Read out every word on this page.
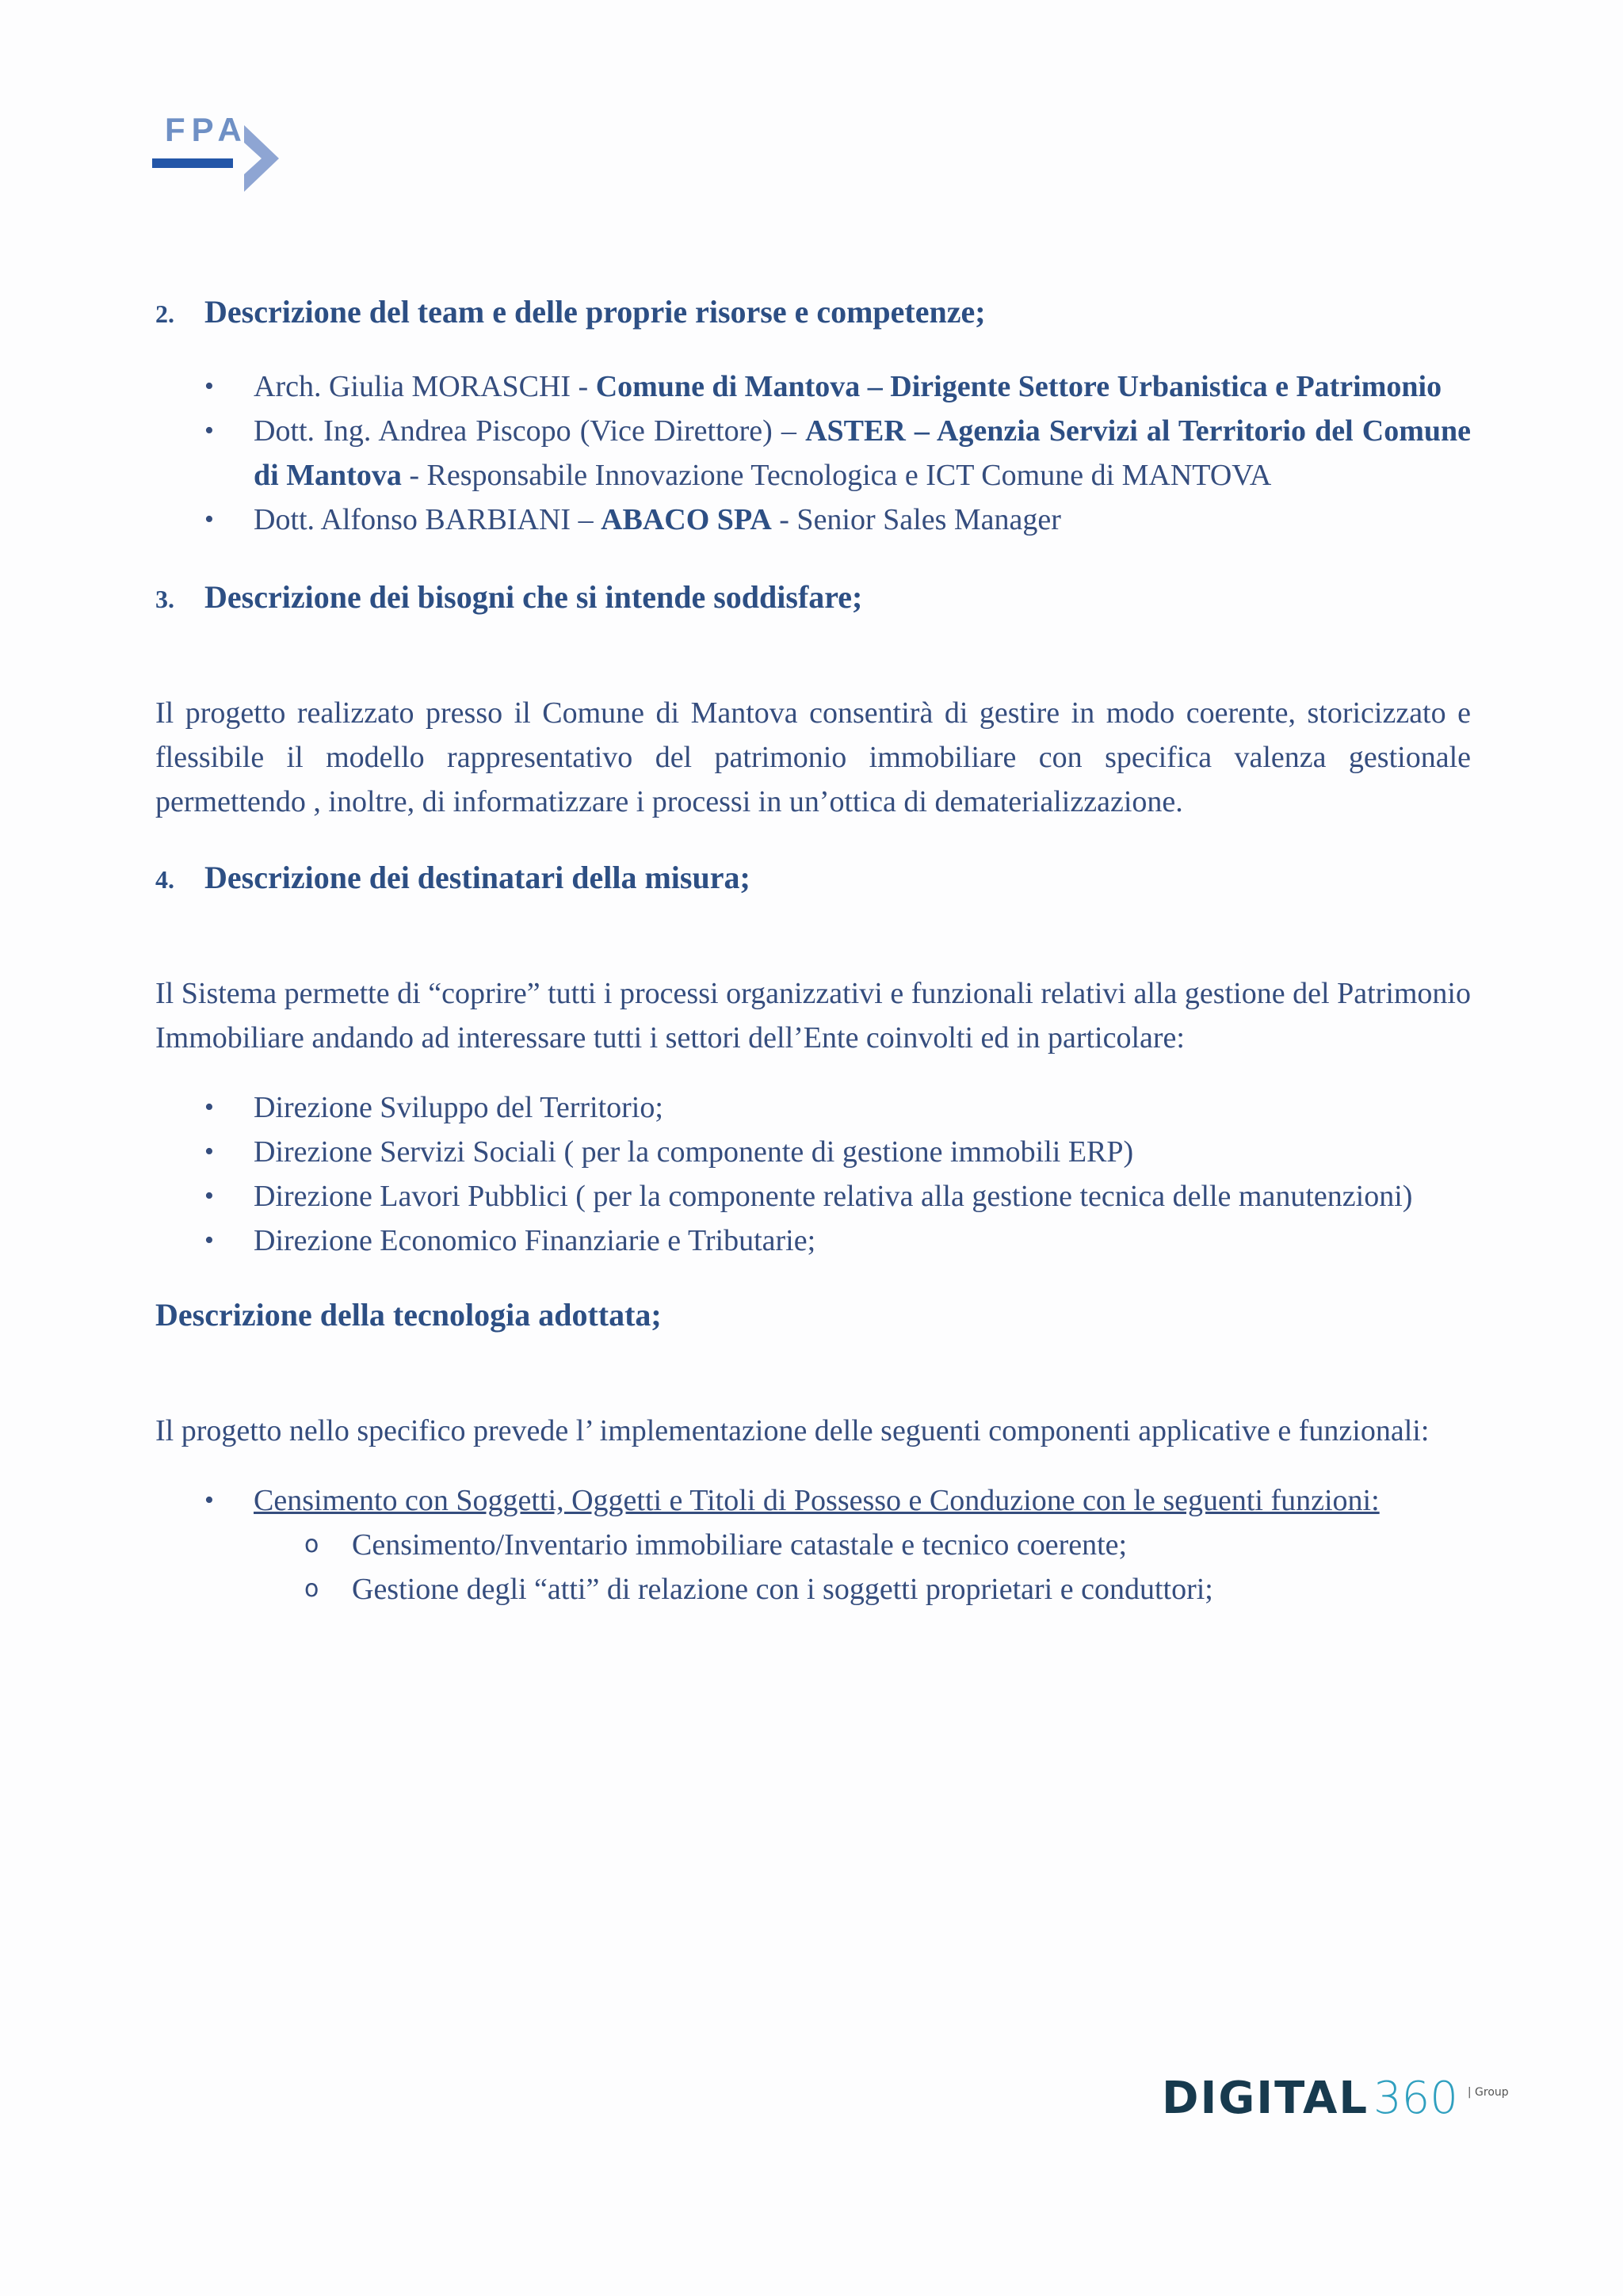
FPA
2. Descrizione del team e delle proprie risorse e competenze;
• Arch. Giulia MORASCHI - Comune di Mantova – Dirigente Settore Urbanistica e Patrimonio
• Dott. Ing. Andrea Piscopo (Vice Direttore) – ASTER – Agenzia Servizi al Territorio del Comune di Mantova - Responsabile Innovazione Tecnologica e ICT Comune di MANTOVA
• Dott. Alfonso BARBIANI – ABACO SPA - Senior Sales Manager
3. Descrizione dei bisogni che si intende soddisfare;

Il progetto realizzato presso il Comune di Mantova consentirà di gestire in modo coerente, storicizzato e flessibile il modello rappresentativo del patrimonio immobiliare con specifica valenza gestionale permettendo , inoltre, di informatizzare i processi in un’ottica di dematerializzazione.

4. Descrizione dei destinatari della misura;

Il Sistema permette di “coprire” tutti i processi organizzativi e funzionali relativi alla gestione del Patrimonio Immobiliare andando ad interessare tutti i settori dell’Ente coinvolti ed in particolare:

• Direzione Sviluppo del Territorio;
• Direzione Servizi Sociali ( per la componente di gestione immobili ERP)
• Direzione Lavori Pubblici ( per la componente relativa alla gestione tecnica delle manutenzioni)
• Direzione Economico Finanziarie e Tributarie;
Descrizione della tecnologia adottata;

Il progetto nello specifico prevede l’ implementazione delle seguenti componenti applicative e funzionali:

• Censimento con Soggetti, Oggetti e Titoli di Possesso e Conduzione con le seguenti funzioni:
o Censimento/Inventario immobiliare catastale e tecnico coerente;
o Gestione degli “atti” di relazione con i soggetti proprietari e conduttori;
DIGITAL 360 | Group
